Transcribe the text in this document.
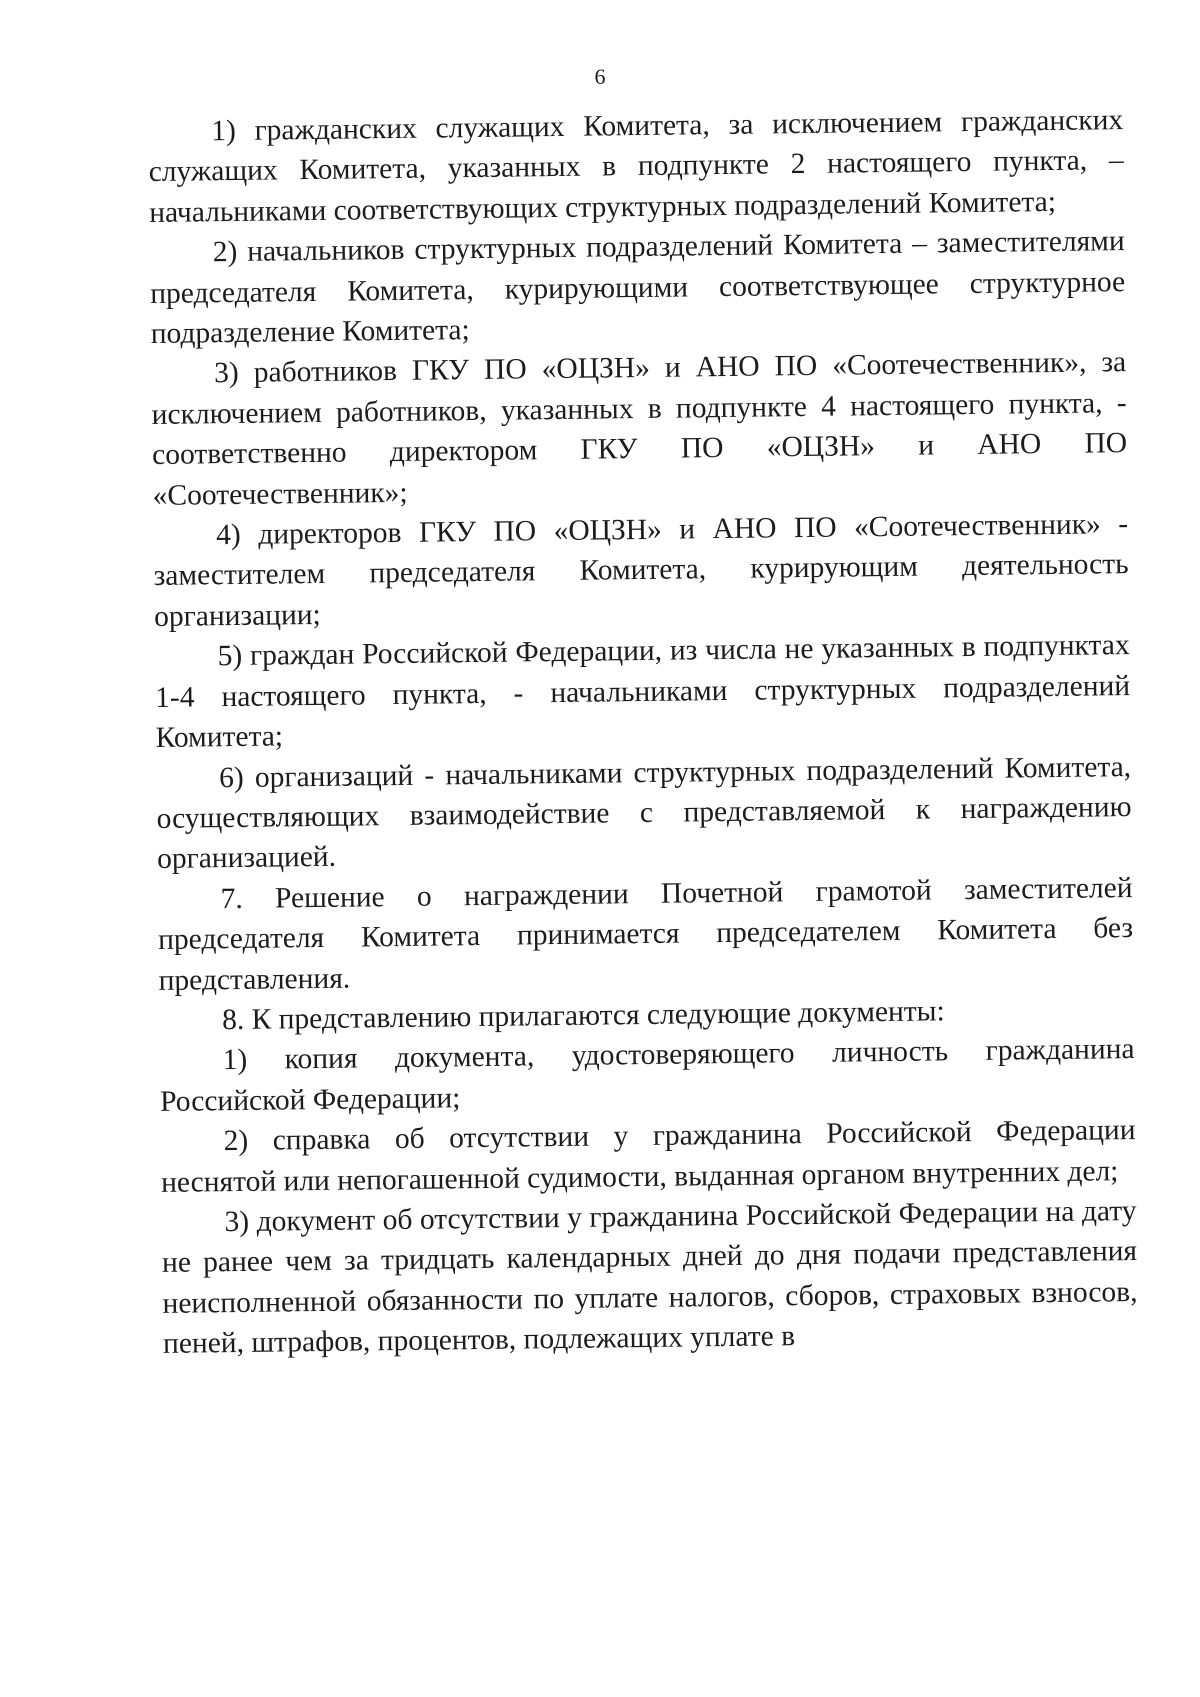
6

1) гражданских служащих Комитета, за исключением гражданских служащих Комитета, указанных в подпункте 2 настоящего пункта, – начальниками соответствующих структурных подразделений Комитета;

2) начальников структурных подразделений Комитета – заместителями председателя Комитета, курирующими соответствующее структурное подразделение Комитета;

3) работников ГКУ ПО «ОЦЗН» и АНО ПО «Соотечественник», за исключением работников, указанных в подпункте 4 настоящего пункта, - соответственно директором ГКУ ПО «ОЦЗН» и АНО ПО «Соотечественник»;

4) директоров ГКУ ПО «ОЦЗН» и АНО ПО «Соотечественник» - заместителем председателя Комитета, курирующим деятельность организации;

5) граждан Российской Федерации, из числа не указанных в подпунктах 1-4 настоящего пункта, - начальниками структурных подразделений Комитета;

6) организаций - начальниками структурных подразделений Комитета, осуществляющих взаимодействие с представляемой к награждению организацией.

7. Решение о награждении Почетной грамотой заместителей председателя Комитета принимается председателем Комитета без представления.

8. К представлению прилагаются следующие документы:

1) копия документа, удостоверяющего личность гражданина Российской Федерации;

2) справка об отсутствии у гражданина Российской Федерации неснятой или непогашенной судимости, выданная органом внутренних дел;

3) документ об отсутствии у гражданина Российской Федерации на дату не ранее чем за тридцать календарных дней до дня подачи представления неисполненной обязанности по уплате налогов, сборов, страховых взносов, пеней, штрафов, процентов, подлежащих уплате в
